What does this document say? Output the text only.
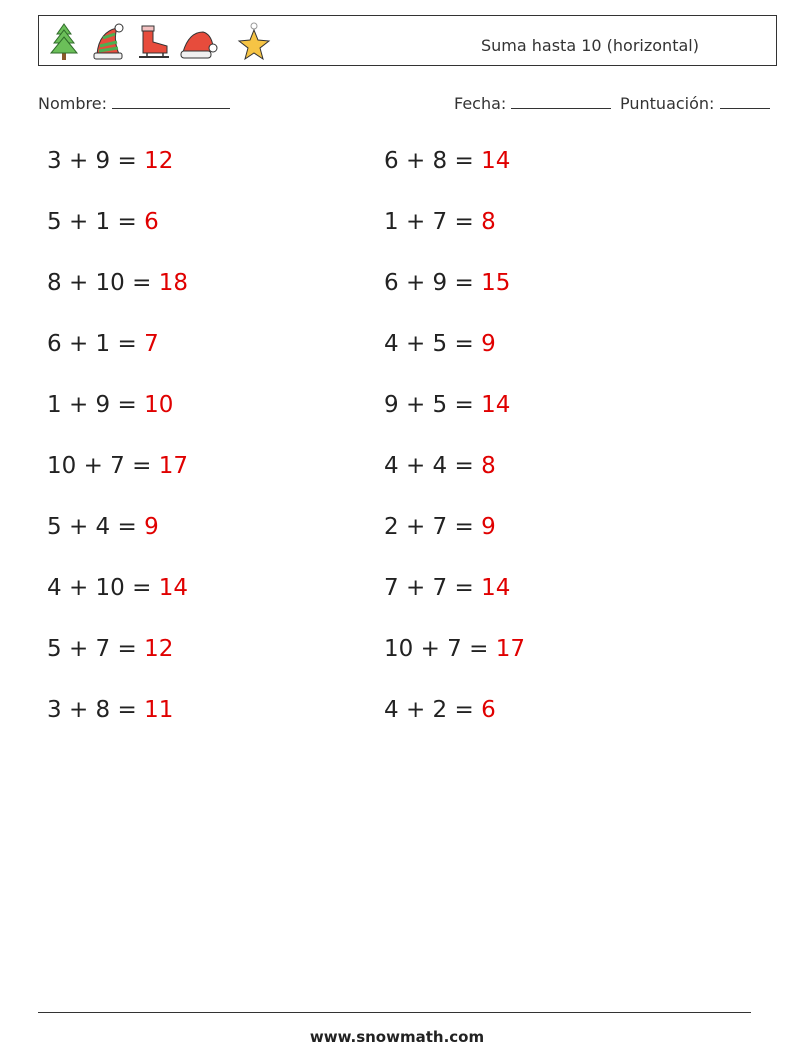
Suma hasta 10 (horizontal)
Nombre:	Fecha:	Puntuación:
3 + 9 = 12
5 + 1 = 6
8 + 10 = 18
6 + 1 = 7
1 + 9 = 10
10 + 7 = 17
5 + 4 = 9
4 + 10 = 14
5 + 7 = 12
3 + 8 = 11
6 + 8 = 14
1 + 7 = 8
6 + 9 = 15
4 + 5 = 9
9 + 5 = 14
4 + 4 = 8
2 + 7 = 9
7 + 7 = 14
10 + 7 = 17
4 + 2 = 6
www.snowmath.com
